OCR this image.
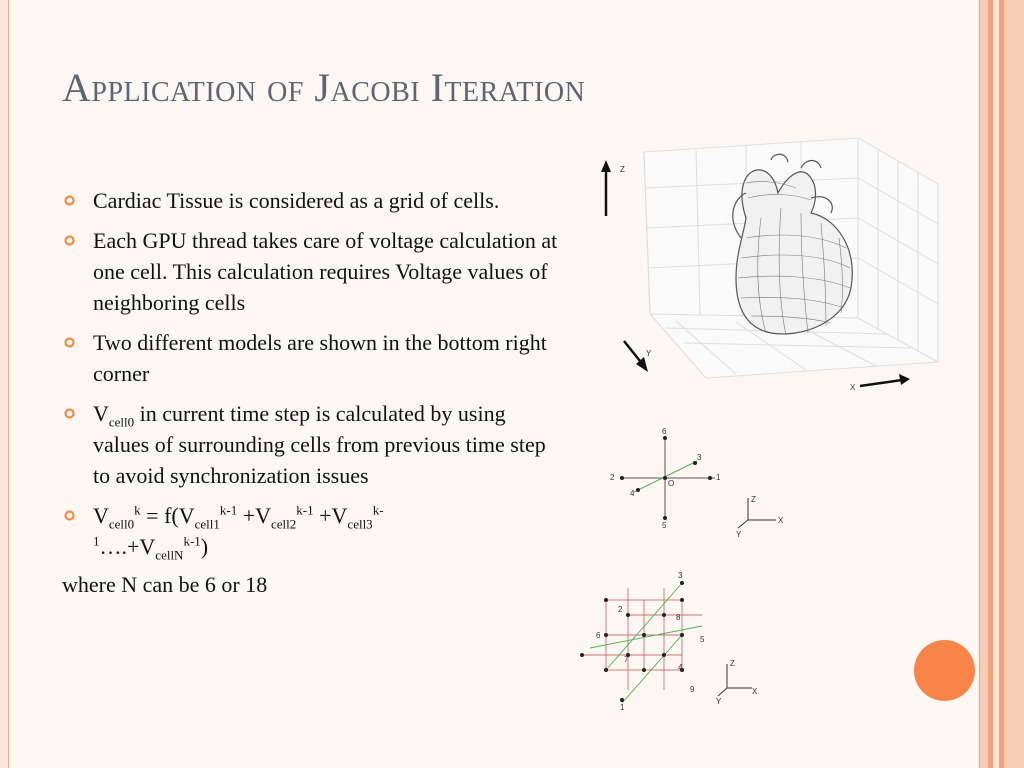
Application of Jacobi Iteration
Cardiac Tissue is considered as a grid of cells.
Each GPU thread takes care of voltage calculation at one cell. This calculation requires Voltage values of neighboring cells
Two different models are shown in the bottom right corner
$V_{cell0}$ in current time step is calculated by using values of surrounding cells from previous time step to avoid synchronization issues
$V_{cell0}^k = f(V_{cell1}^{k-1} +V_{cell2}^{k-1}$ $+V_{cell3}^{k-1}\dots.+V_{cellN}^{k-1}$)
where N can be 6 or 18
Z
Y
X
6
3
2	1
O
4
5
Z
X
Y
3
2
8
6	5
7
4
9
1
Z
X
Y
